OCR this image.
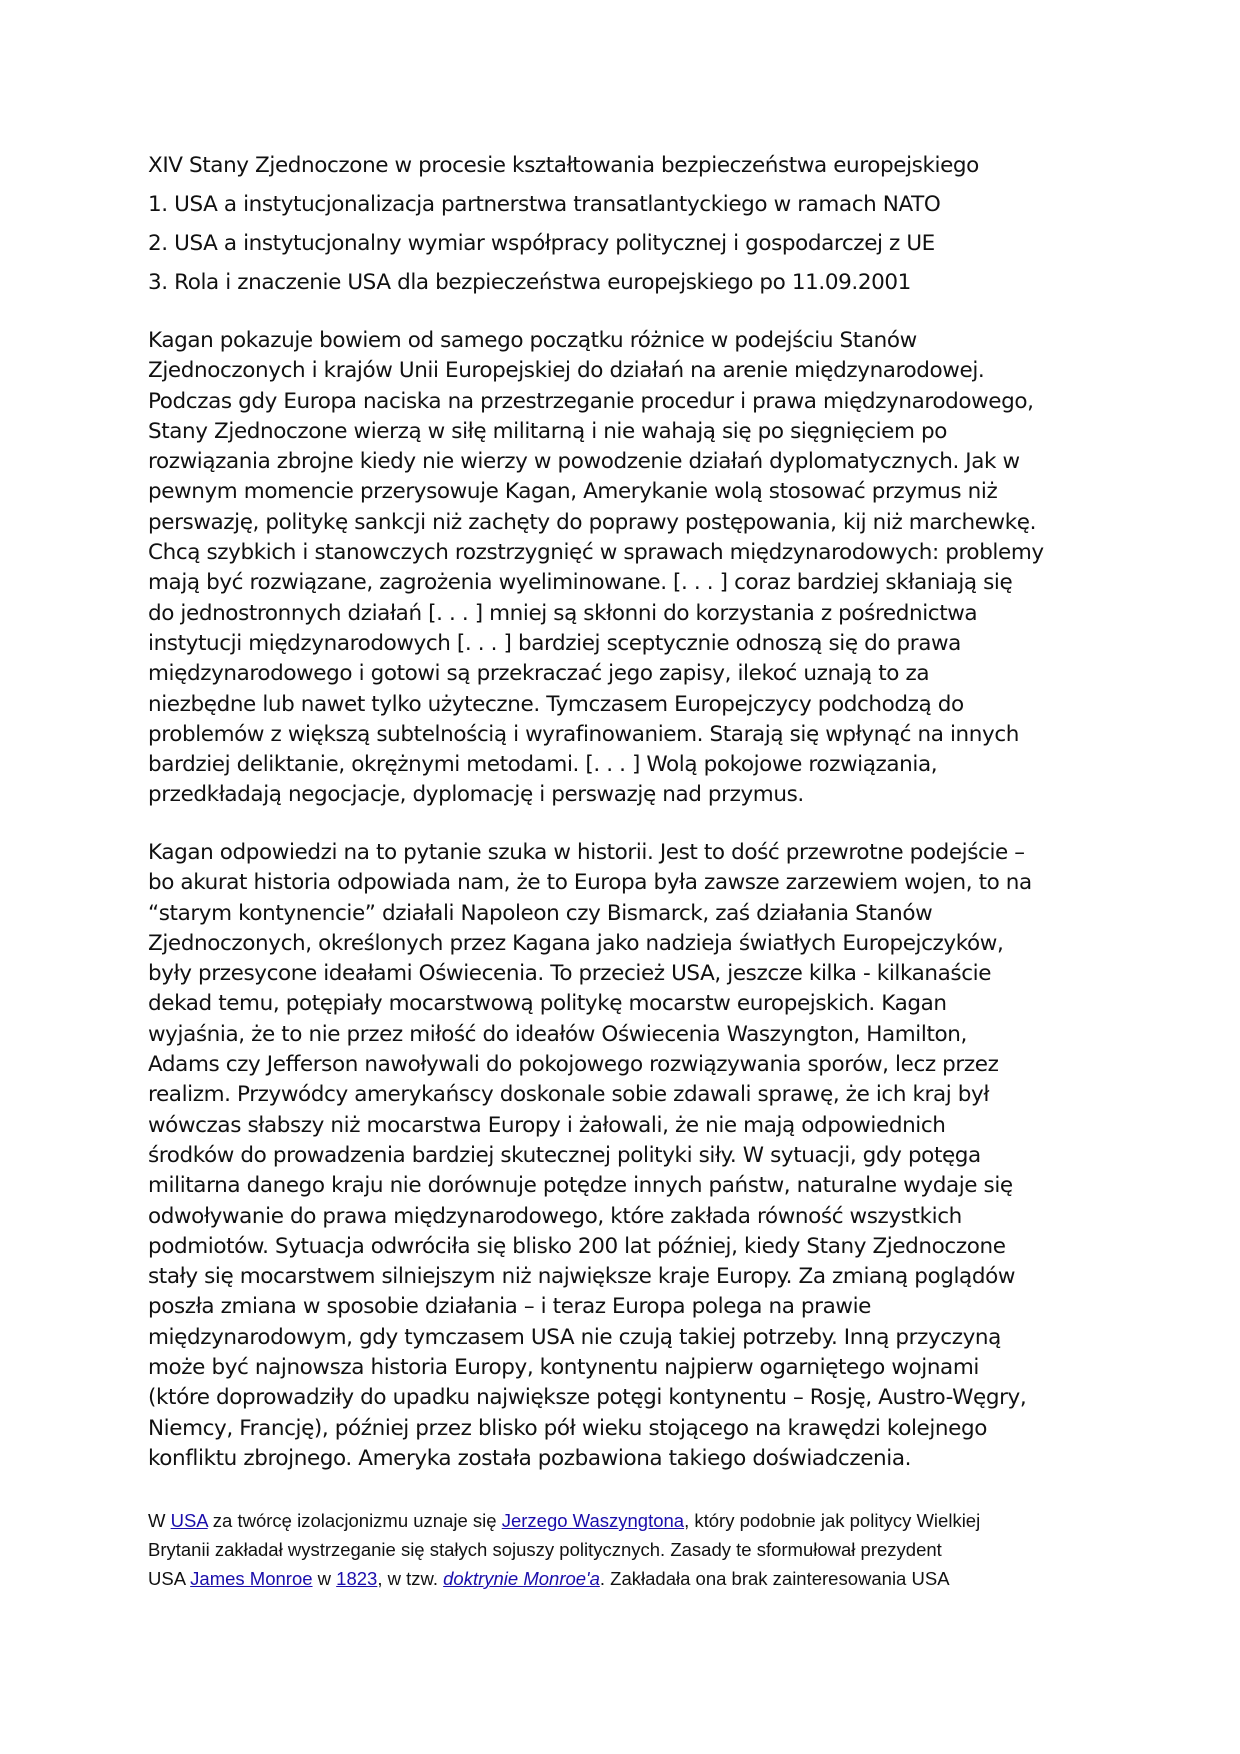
XIV Stany Zjednoczone w procesie kształtowania bezpieczeństwa europejskiego
1. USA a instytucjonalizacja partnerstwa transatlantyckiego w ramach NATO
2. USA a instytucjonalny wymiar współpracy politycznej i gospodarczej z UE
3. Rola i znaczenie USA dla bezpieczeństwa europejskiego po 11.09.2001
Kagan pokazuje bowiem od samego początku różnice w podejściu Stanów
Zjednoczonych i krajów Unii Europejskiej do działań na arenie międzynarodowej.
Podczas gdy Europa naciska na przestrzeganie procedur i prawa międzynarodowego,
Stany Zjednoczone wierzą w siłę militarną i nie wahają się po sięgnięciem po
rozwiązania zbrojne kiedy nie wierzy w powodzenie działań dyplomatycznych. Jak w
pewnym momencie przerysowuje Kagan, Amerykanie wolą stosować przymus niż
perswazję, politykę sankcji niż zachęty do poprawy postępowania, kij niż marchewkę.
Chcą szybkich i stanowczych rozstrzygnięć w sprawach międzynarodowych: problemy
mają być rozwiązane, zagrożenia wyeliminowane. [. . . ] coraz bardziej skłaniają się
do jednostronnych działań [. . . ] mniej są skłonni do korzystania z pośrednictwa
instytucji międzynarodowych [. . . ] bardziej sceptycznie odnoszą się do prawa
międzynarodowego i gotowi są przekraczać jego zapisy, ilekoć uznają to za
niezbędne lub nawet tylko użyteczne. Tymczasem Europejczycy podchodzą do
problemów z większą subtelnością i wyrafinowaniem. Starają się wpłynąć na innych
bardziej deliktanie, okrężnymi metodami. [. . . ] Wolą pokojowe rozwiązania,
przedkładają negocjacje, dyplomację i perswazję nad przymus.
Kagan odpowiedzi na to pytanie szuka w historii. Jest to dość przewrotne podejście –
bo akurat historia odpowiada nam, że to Europa była zawsze zarzewiem wojen, to na
“starym kontynencie” działali Napoleon czy Bismarck, zaś działania Stanów
Zjednoczonych, określonych przez Kagana jako nadzieja światłych Europejczyków,
były przesycone ideałami Oświecenia. To przecież USA, jeszcze kilka - kilkanaście
dekad temu, potępiały mocarstwową politykę mocarstw europejskich. Kagan
wyjaśnia, że to nie przez miłość do ideałów Oświecenia Waszyngton, Hamilton,
Adams czy Jefferson nawoływali do pokojowego rozwiązywania sporów, lecz przez
realizm. Przywódcy amerykańscy doskonale sobie zdawali sprawę, że ich kraj był
wówczas słabszy niż mocarstwa Europy i żałowali, że nie mają odpowiednich
środków do prowadzenia bardziej skutecznej polityki siły. W sytuacji, gdy potęga
militarna danego kraju nie dorównuje potędze innych państw, naturalne wydaje się
odwoływanie do prawa międzynarodowego, które zakłada równość wszystkich
podmiotów. Sytuacja odwróciła się blisko 200 lat później, kiedy Stany Zjednoczone
stały się mocarstwem silniejszym niż największe kraje Europy. Za zmianą poglądów
poszła zmiana w sposobie działania – i teraz Europa polega na prawie
międzynarodowym, gdy tymczasem USA nie czują takiej potrzeby. Inną przyczyną
może być najnowsza historia Europy, kontynentu najpierw ogarniętego wojnami
(które doprowadziły do upadku największe potęgi kontynentu – Rosję, Austro-Węgry,
Niemcy, Francję), później przez blisko pół wieku stojącego na krawędzi kolejnego
konfliktu zbrojnego. Ameryka została pozbawiona takiego doświadczenia.
W USA za twórcę izolacjonizmu uznaje się Jerzego Waszyngtona, który podobnie jak politycy Wielkiej
Brytanii zakładał wystrzeganie się stałych sojuszy politycznych. Zasady te sformułował prezydent
USA James Monroe w 1823, w tzw. doktrynie Monroe'a. Zakładała ona brak zainteresowania USA
